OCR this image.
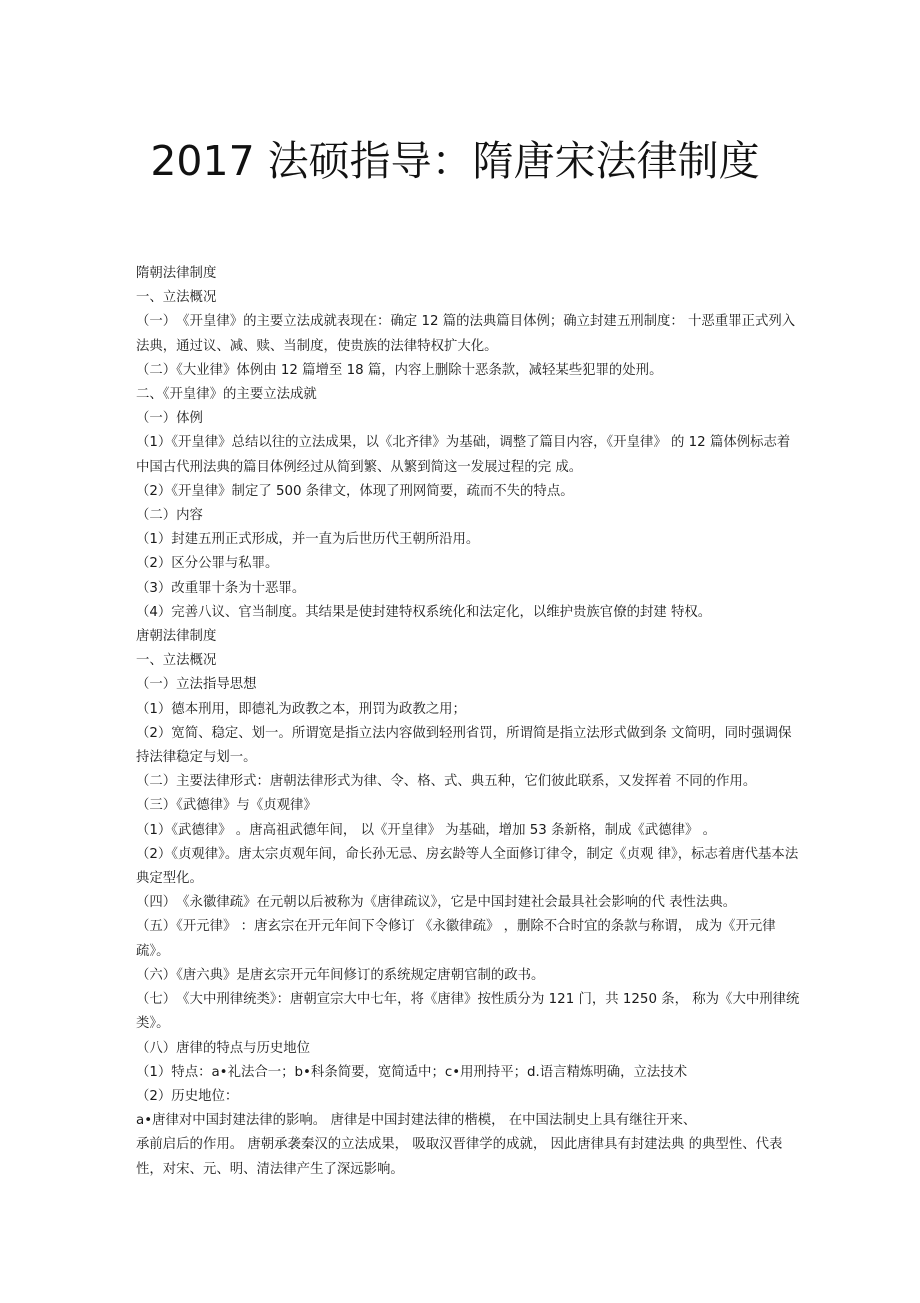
2017 法硕指导：隋唐宋法律制度

隋朝法律制度

一、立法概况

（一）　《开皇律》的主要立法成就表现在：确定 12 篇的法典篇目体例；确立封建五刑制度： 十恶重罪正式列入法典，通过议、减、赎、当制度，使贵族的法律特权扩大化。

（二）《大业律》体例由 12 篇增至 18 篇，内容上删除十恶条款，减轻某些犯罪的处刑。

二、《开皇律》的主要立法成就

（一）体例

（1）《开皇律》总结以往的立法成果，以《北齐律》为基础，调整了篇目内容，《开皇律》 的 12 篇体例标志着中国古代刑法典的篇目体例经过从简到繁、从繁到简这一发展过程的完 成。

（2）《开皇律》制定了 500 条律文，体现了刑网简要，疏而不失的特点。

（二）内容

（1）封建五刑正式形成，并一直为后世历代王朝所沿用。

（2）区分公罪与私罪。

（3）改重罪十条为十恶罪。

（4）完善八议、官当制度。其结果是使封建特权系统化和法定化，以维护贵族官僚的封建 特权。

唐朝法律制度

一、立法概况

（一）立法指导思想

（1）德本刑用，即德礼为政教之本，刑罚为政教之用；

（2）宽简、稳定、划一。所谓宽是指立法内容做到轻刑省罚，所谓简是指立法形式做到条 文简明，同时强调保持法律稳定与划一。

（二）主要法律形式：唐朝法律形式为律、令、格、式、典五种，它们彼此联系，又发挥着 不同的作用。

（三）《武德律》与《贞观律》

（1）《武德律》 。唐高祖武德年间， 以《开皇律》 为基础，增加 53 条新格，制成《武德律》 。

（2）《贞观律》。唐太宗贞观年间，命长孙无忌、房玄龄等人全面修订律令，制定《贞观 律》，标志着唐代基本法典定型化。

（四）　《永徽律疏》在元朝以后被称为《唐律疏议》，它是中国封建社会最具社会影响的代 表性法典。

（五）《开元律》 ：唐玄宗在开元年间下令修订 《永徽律疏》 ，删除不合时宜的条款与称谓， 成为《开元律疏》。

（六）《唐六典》是唐玄宗开元年间修订的系统规定唐朝官制的政书。

（七）　《大中刑律统类》：唐朝宣宗大中七年，将《唐律》按性质分为 121 门，共 1250 条， 称为《大中刑律统类》。

（八）唐律的特点与历史地位

（1）特点：a•礼法合一；b•科条简要，宽简适中；c•用刑持平；d.语言精炼明确，立法技术

（2）历史地位：

a•唐律对中国封建法律的影响。 唐律是中国封建法律的楷模， 在中国法制史上具有继往开来、

承前启后的作用。 唐朝承袭秦汉的立法成果， 吸取汉晋律学的成就， 因此唐律具有封建法典 的典型性、代表性，对宋、元、明、清法律产生了深远影响。
